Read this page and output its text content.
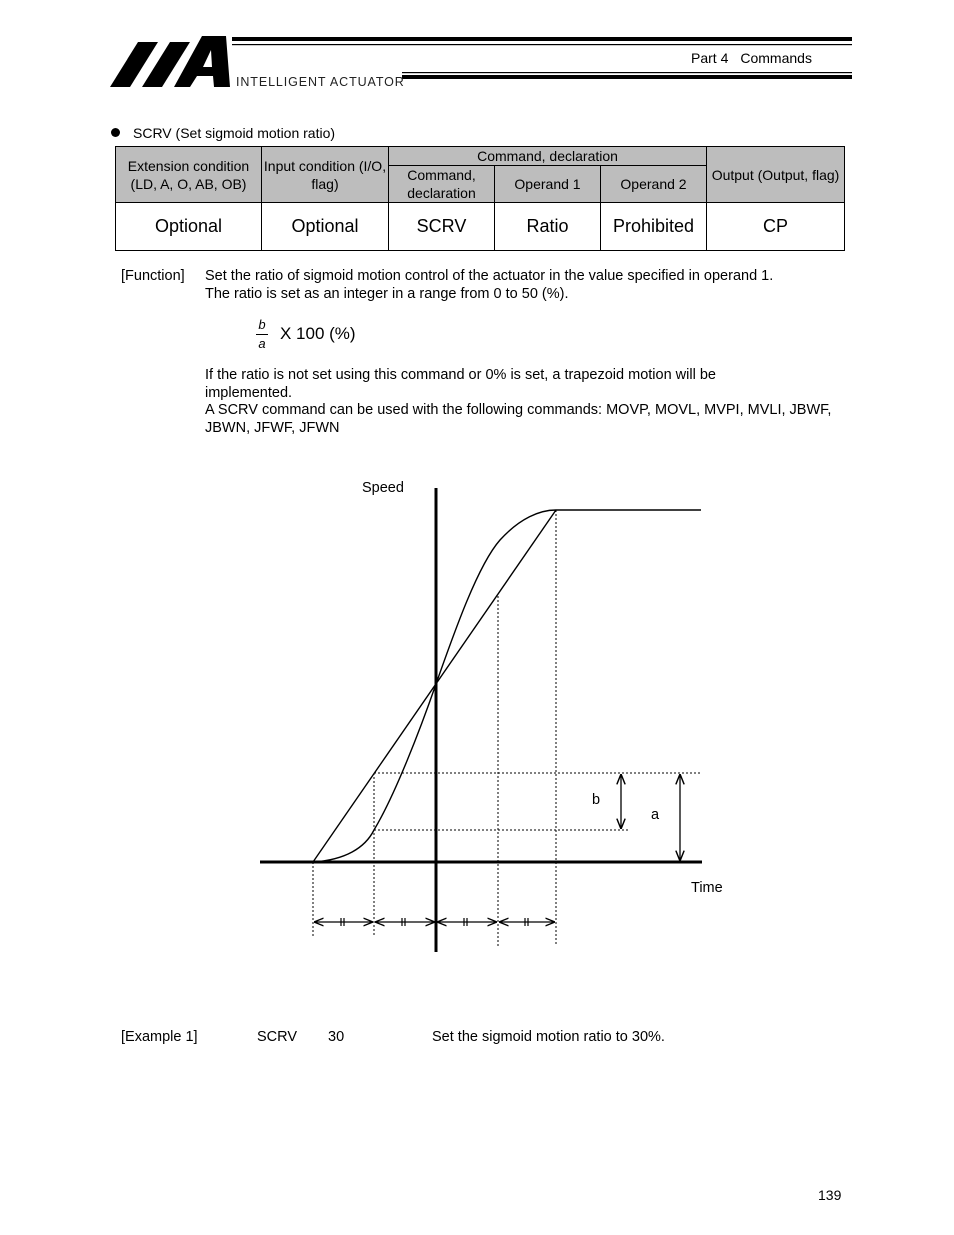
INTELLIGENT ACTUATOR
Part 4 Commands
SCRV (Set sigmoid motion ratio)
Extension condition (LD, A, O, AB, OB)	Input condition (I/O, flag)	Command, declaration			Output (Output, flag)
		Command, declaration	Operand 1	Operand 2	
Optional	Optional	SCRV	Ratio	Prohibited	CP
[Function] Set the ratio of sigmoid motion control of the actuator in the value specified in operand 1.
The ratio is set as an integer in a range from 0 to 50 (%).
b
a
X 100 (%)
If the ratio is not set using this command or 0% is set, a trapezoid motion will be implemented.
A SCRV command can be used with the following commands: MOVP, MOVL, MVPI, MVLI, JBWF, JBWN, JFWF, JFWN
Speed
Time
b
a
[Example 1]	SCRV 30	Set the sigmoid motion ratio to 30%.
139
